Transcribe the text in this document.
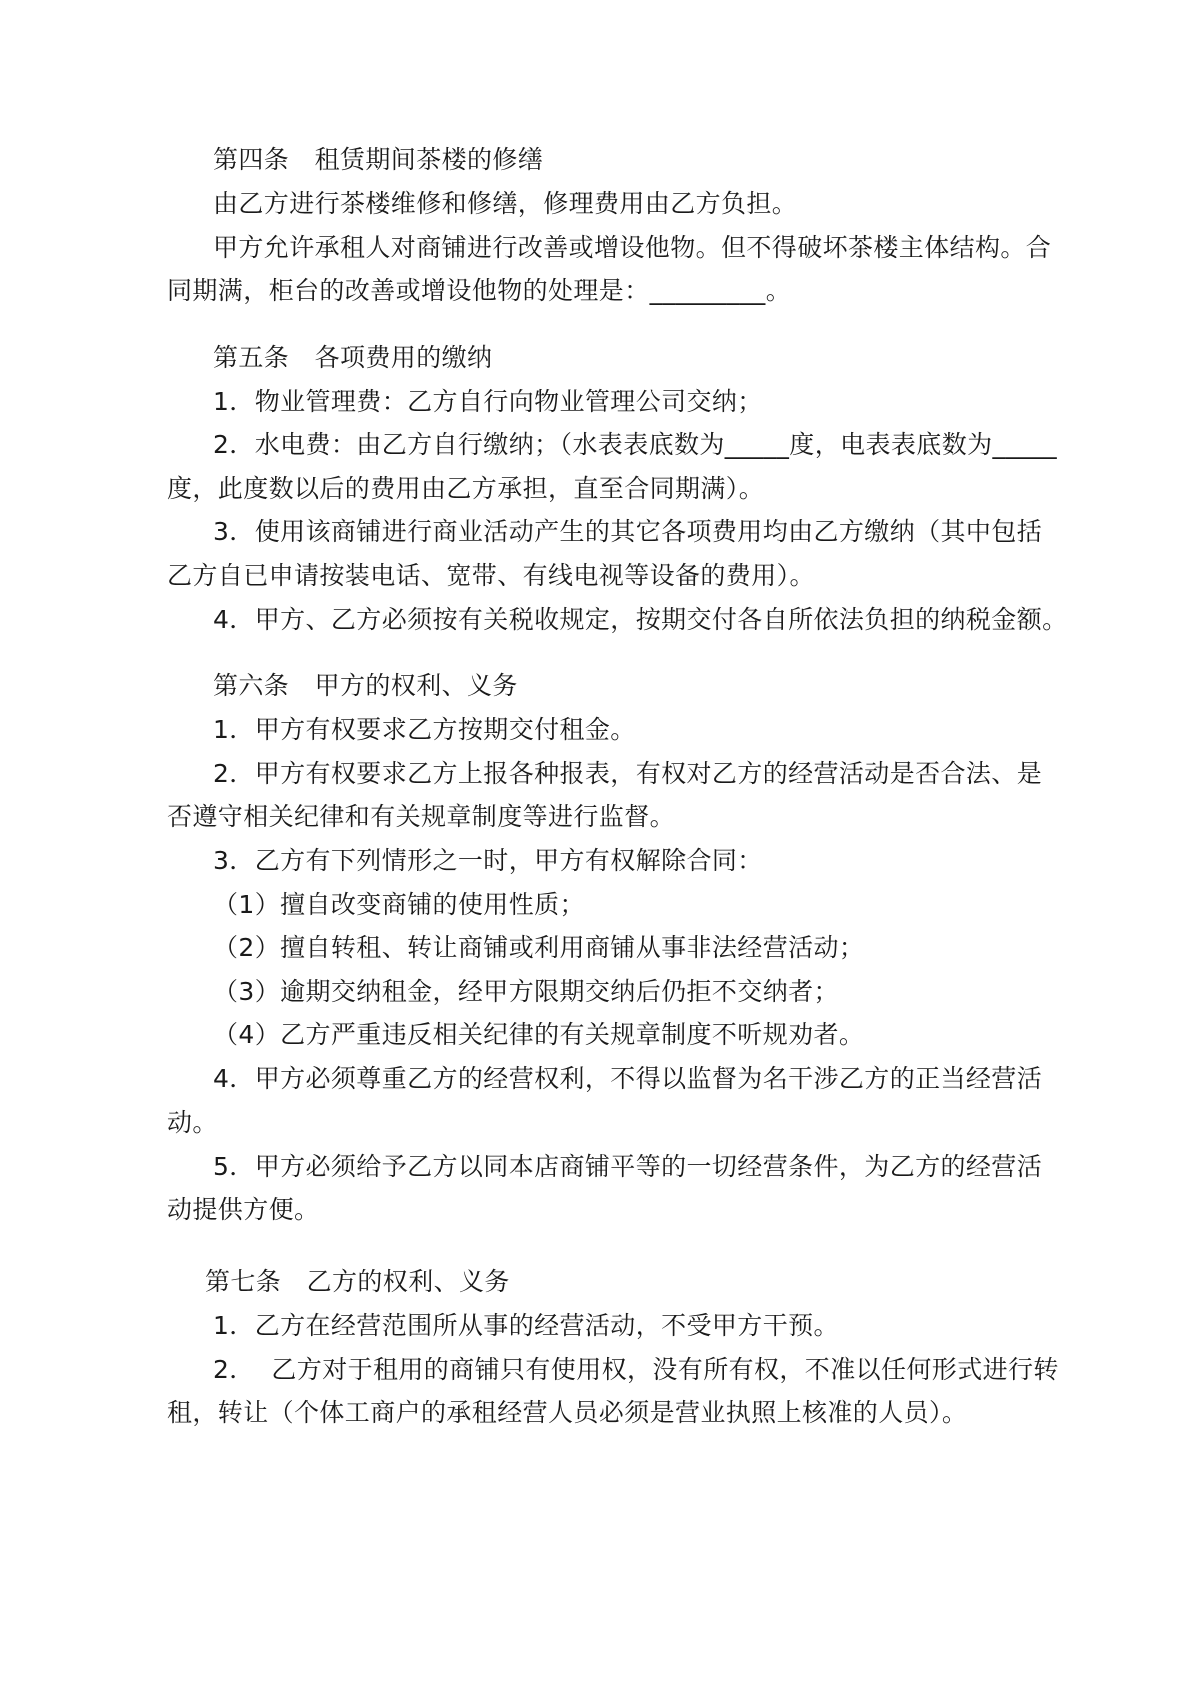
第四条　租赁期间茶楼的修缮
由乙方进行茶楼维修和修缮，修理费用由乙方负担。
甲方允许承租人对商铺进行改善或增设他物。但不得破坏茶楼主体结构。合
同期满，柜台的改善或增设他物的处理是：_________。
第五条　各项费用的缴纳
1．物业管理费：乙方自行向物业管理公司交纳；
2．水电费：由乙方自行缴纳；（水表表底数为_____度，电表表底数为_____
度，此度数以后的费用由乙方承担，直至合同期满）。
3．使用该商铺进行商业活动产生的其它各项费用均由乙方缴纳（其中包括
乙方自已申请按装电话、宽带、有线电视等设备的费用）。
4．甲方、乙方必须按有关税收规定，按期交付各自所依法负担的纳税金额。
第六条　甲方的权利、义务
1．甲方有权要求乙方按期交付租金。
2．甲方有权要求乙方上报各种报表，有权对乙方的经营活动是否合法、是
否遵守相关纪律和有关规章制度等进行监督。
3．乙方有下列情形之一时，甲方有权解除合同：
（1）擅自改变商铺的使用性质；
（2）擅自转租、转让商铺或利用商铺从事非法经营活动；
（3）逾期交纳租金，经甲方限期交纳后仍拒不交纳者；
（4）乙方严重违反相关纪律的有关规章制度不听规劝者。
4．甲方必须尊重乙方的经营权利，不得以监督为名干涉乙方的正当经营活
动。
5．甲方必须给予乙方以同本店商铺平等的一切经营条件，为乙方的经营活
动提供方便。
第七条　乙方的权利、义务
1．乙方在经营范围所从事的经营活动，不受甲方干预。
2．  乙方对于租用的商铺只有使用权，没有所有权，不准以任何形式进行转
租，转让（个体工商户的承租经营人员必须是营业执照上核准的人员）。
